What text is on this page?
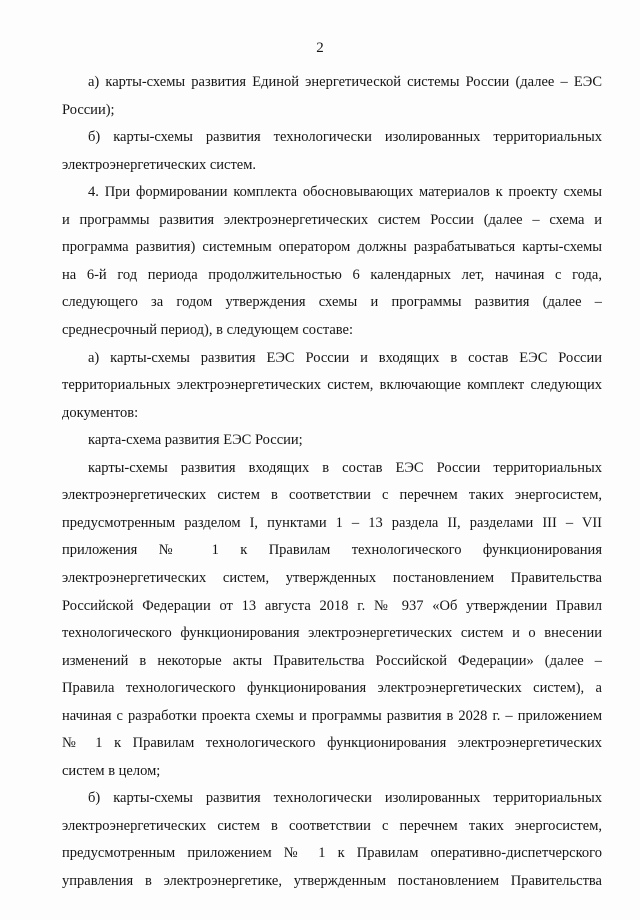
2
а) карты-схемы развития Единой энергетической системы России (далее – ЕЭС
России);
б) карты-схемы развития технологически изолированных территориальных
электроэнергетических систем.
4. При формировании комплекта обосновывающих материалов к проекту схемы
и программы развития электроэнергетических систем России (далее – схема и
программа развития) системным оператором должны разрабатываться карты-схемы
на 6-й год периода продолжительностью 6 календарных лет, начиная с года,
следующего за годом утверждения схемы и программы развития (далее –
среднесрочный период), в следующем составе:
а) карты-схемы развития ЕЭС России и входящих в состав ЕЭС России
территориальных электроэнергетических систем, включающие комплект следующих
документов:
карта-схема развития ЕЭС России;
карты-схемы развития входящих в состав ЕЭС России территориальных
электроэнергетических систем в соответствии с перечнем таких энергосистем,
предусмотренным разделом I, пунктами 1 – 13 раздела II, разделами III – VII
приложения № 1 к Правилам технологического функционирования
электроэнергетических систем, утвержденных постановлением Правительства
Российской Федерации от 13 августа 2018 г. № 937 «Об утверждении Правил
технологического функционирования электроэнергетических систем и о внесении
изменений в некоторые акты Правительства Российской Федерации» (далее –
Правила технологического функционирования электроэнергетических систем), а
начиная с разработки проекта схемы и программы развития в 2028 г. – приложением
№ 1 к Правилам технологического функционирования электроэнергетических
систем в целом;
б) карты-схемы развития технологически изолированных территориальных
электроэнергетических систем в соответствии с перечнем таких энергосистем,
предусмотренным приложением № 1 к Правилам оперативно-диспетчерского
управления в электроэнергетике, утвержденным постановлением Правительства
